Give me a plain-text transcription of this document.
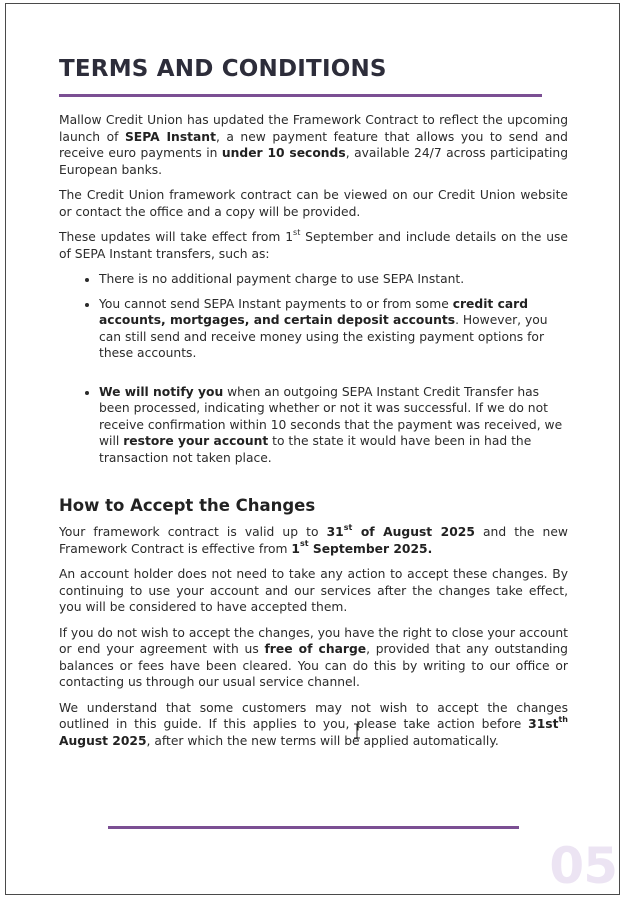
05
TERMS AND CONDITIONS

Mallow Credit Union has updated the Framework Contract to reflect the upcoming launch of SEPA Instant, a new payment feature that allows you to send and receive euro payments in under 10 seconds, available 24/7 across participating European banks.

The Credit Union framework contract can be viewed on our Credit Union website or contact the office and a copy will be provided.

These updates will take effect from 1st September and include details on the use of SEPA Instant transfers, such as:

• There is no additional payment charge to use SEPA Instant.
• You cannot send SEPA Instant payments to or from some credit card accounts, mortgages, and certain deposit accounts. However, you can still send and receive money using the existing payment options for these accounts.
• We will notify you when an outgoing SEPA Instant Credit Transfer has been processed, indicating whether or not it was successful. If we do not receive confirmation within 10 seconds that the payment was received, we will restore your account to the state it would have been in had the transaction not taken place.
How to Accept the Changes

Your framework contract is valid up to 31st of August 2025 and the new Framework Contract is effective from 1st September 2025.

An account holder does not need to take any action to accept these changes. By continuing to use your account and our services after the changes take effect, you will be considered to have accepted them.

If you do not wish to accept the changes, you have the right to close your account or end your agreement with us free of charge, provided that any outstanding balances or fees have been cleared. You can do this by writing to our office or contacting us through our usual service channel.

We understand that some customers may not wish to accept the changes outlined in this guide. If this applies to you, please take action before $31st^{th}$ August 2025, after which the new terms will be applied automatically.
